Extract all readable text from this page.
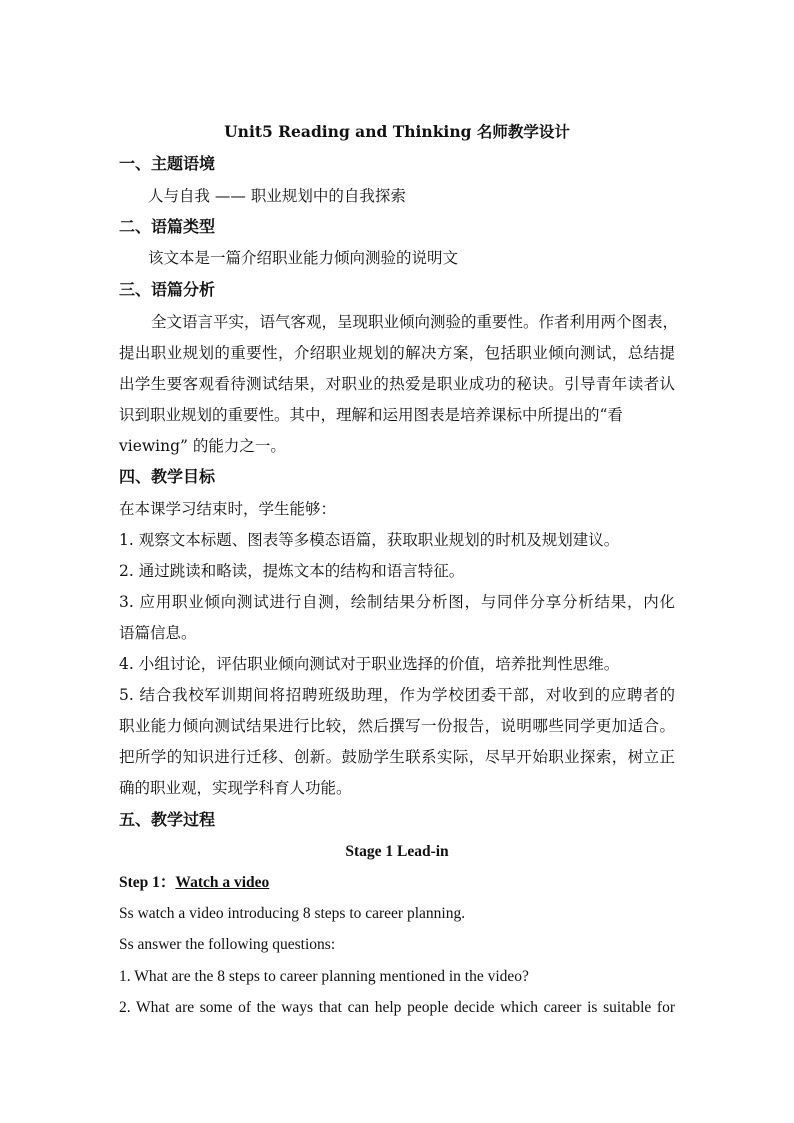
Unit5 Reading and Thinking 名师教学设计
一、主题语境
人与自我 —— 职业规划中的自我探索
二、语篇类型
该文本是一篇介绍职业能力倾向测验的说明文
三、语篇分析
全文语言平实，语气客观，呈现职业倾向测验的重要性。作者利用两个图表，
提出职业规划的重要性，介绍职业规划的解决方案，包括职业倾向测试，总结提
出学生要客观看待测试结果，对职业的热爱是职业成功的秘诀。引导青年读者认
识到职业规划的重要性。其中，理解和运用图表是培养课标中所提出的“看
viewing” 的能力之一。
四、教学目标
在本课学习结束时，学生能够：
1. 观察文本标题、图表等多模态语篇，获取职业规划的时机及规划建议。
2. 通过跳读和略读，提炼文本的结构和语言特征。
3. 应用职业倾向测试进行自测，绘制结果分析图，与同伴分享分析结果，内化
语篇信息。
4. 小组讨论，评估职业倾向测试对于职业选择的价值，培养批判性思维。
5. 结合我校军训期间将招聘班级助理，作为学校团委干部，对收到的应聘者的
职业能力倾向测试结果进行比较，然后撰写一份报告，说明哪些同学更加适合。
把所学的知识进行迁移、创新。鼓励学生联系实际，尽早开始职业探索，树立正
确的职业观，实现学科育人功能。
五、教学过程
Stage 1 Lead-in
Step 1：Watch a video
Ss watch a video introducing 8 steps to career planning.
Ss answer the following questions:
1. What are the 8 steps to career planning mentioned in the video?
2. What are some of the ways that can help people decide which career is suitable for
